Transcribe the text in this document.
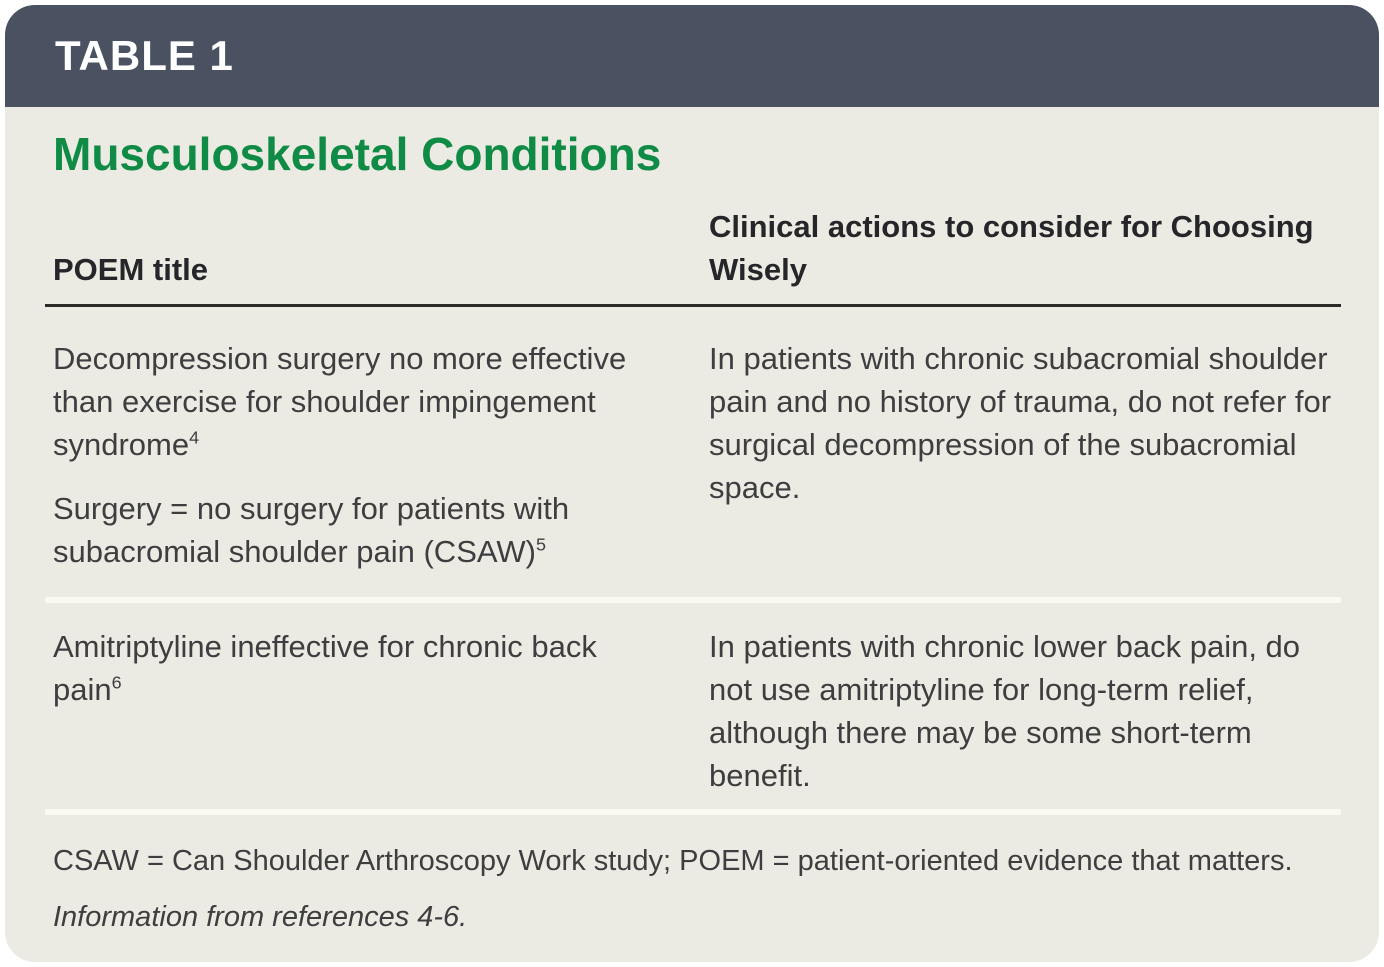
TABLE 1
Musculoskeletal Conditions
POEM title
Clinical actions to consider for Choosing Wisely

Decompression surgery no more effective than exercise for shoulder impingement syndrome$^4$

Surgery = no surgery for patients with subacromial shoulder pain (CSAW)$^5$

In patients with chronic subacromial shoulder pain and no history of trauma, do not refer for surgical decompression of the subacromial space.

Amitriptyline ineffective for chronic back pain$^6$

In patients with chronic lower back pain, do not use amitriptyline for long-term relief, although there may be some short-term benefit.

CSAW = Can Shoulder Arthroscopy Work study; POEM = patient-oriented evidence that matters.

Information from references 4-6.
